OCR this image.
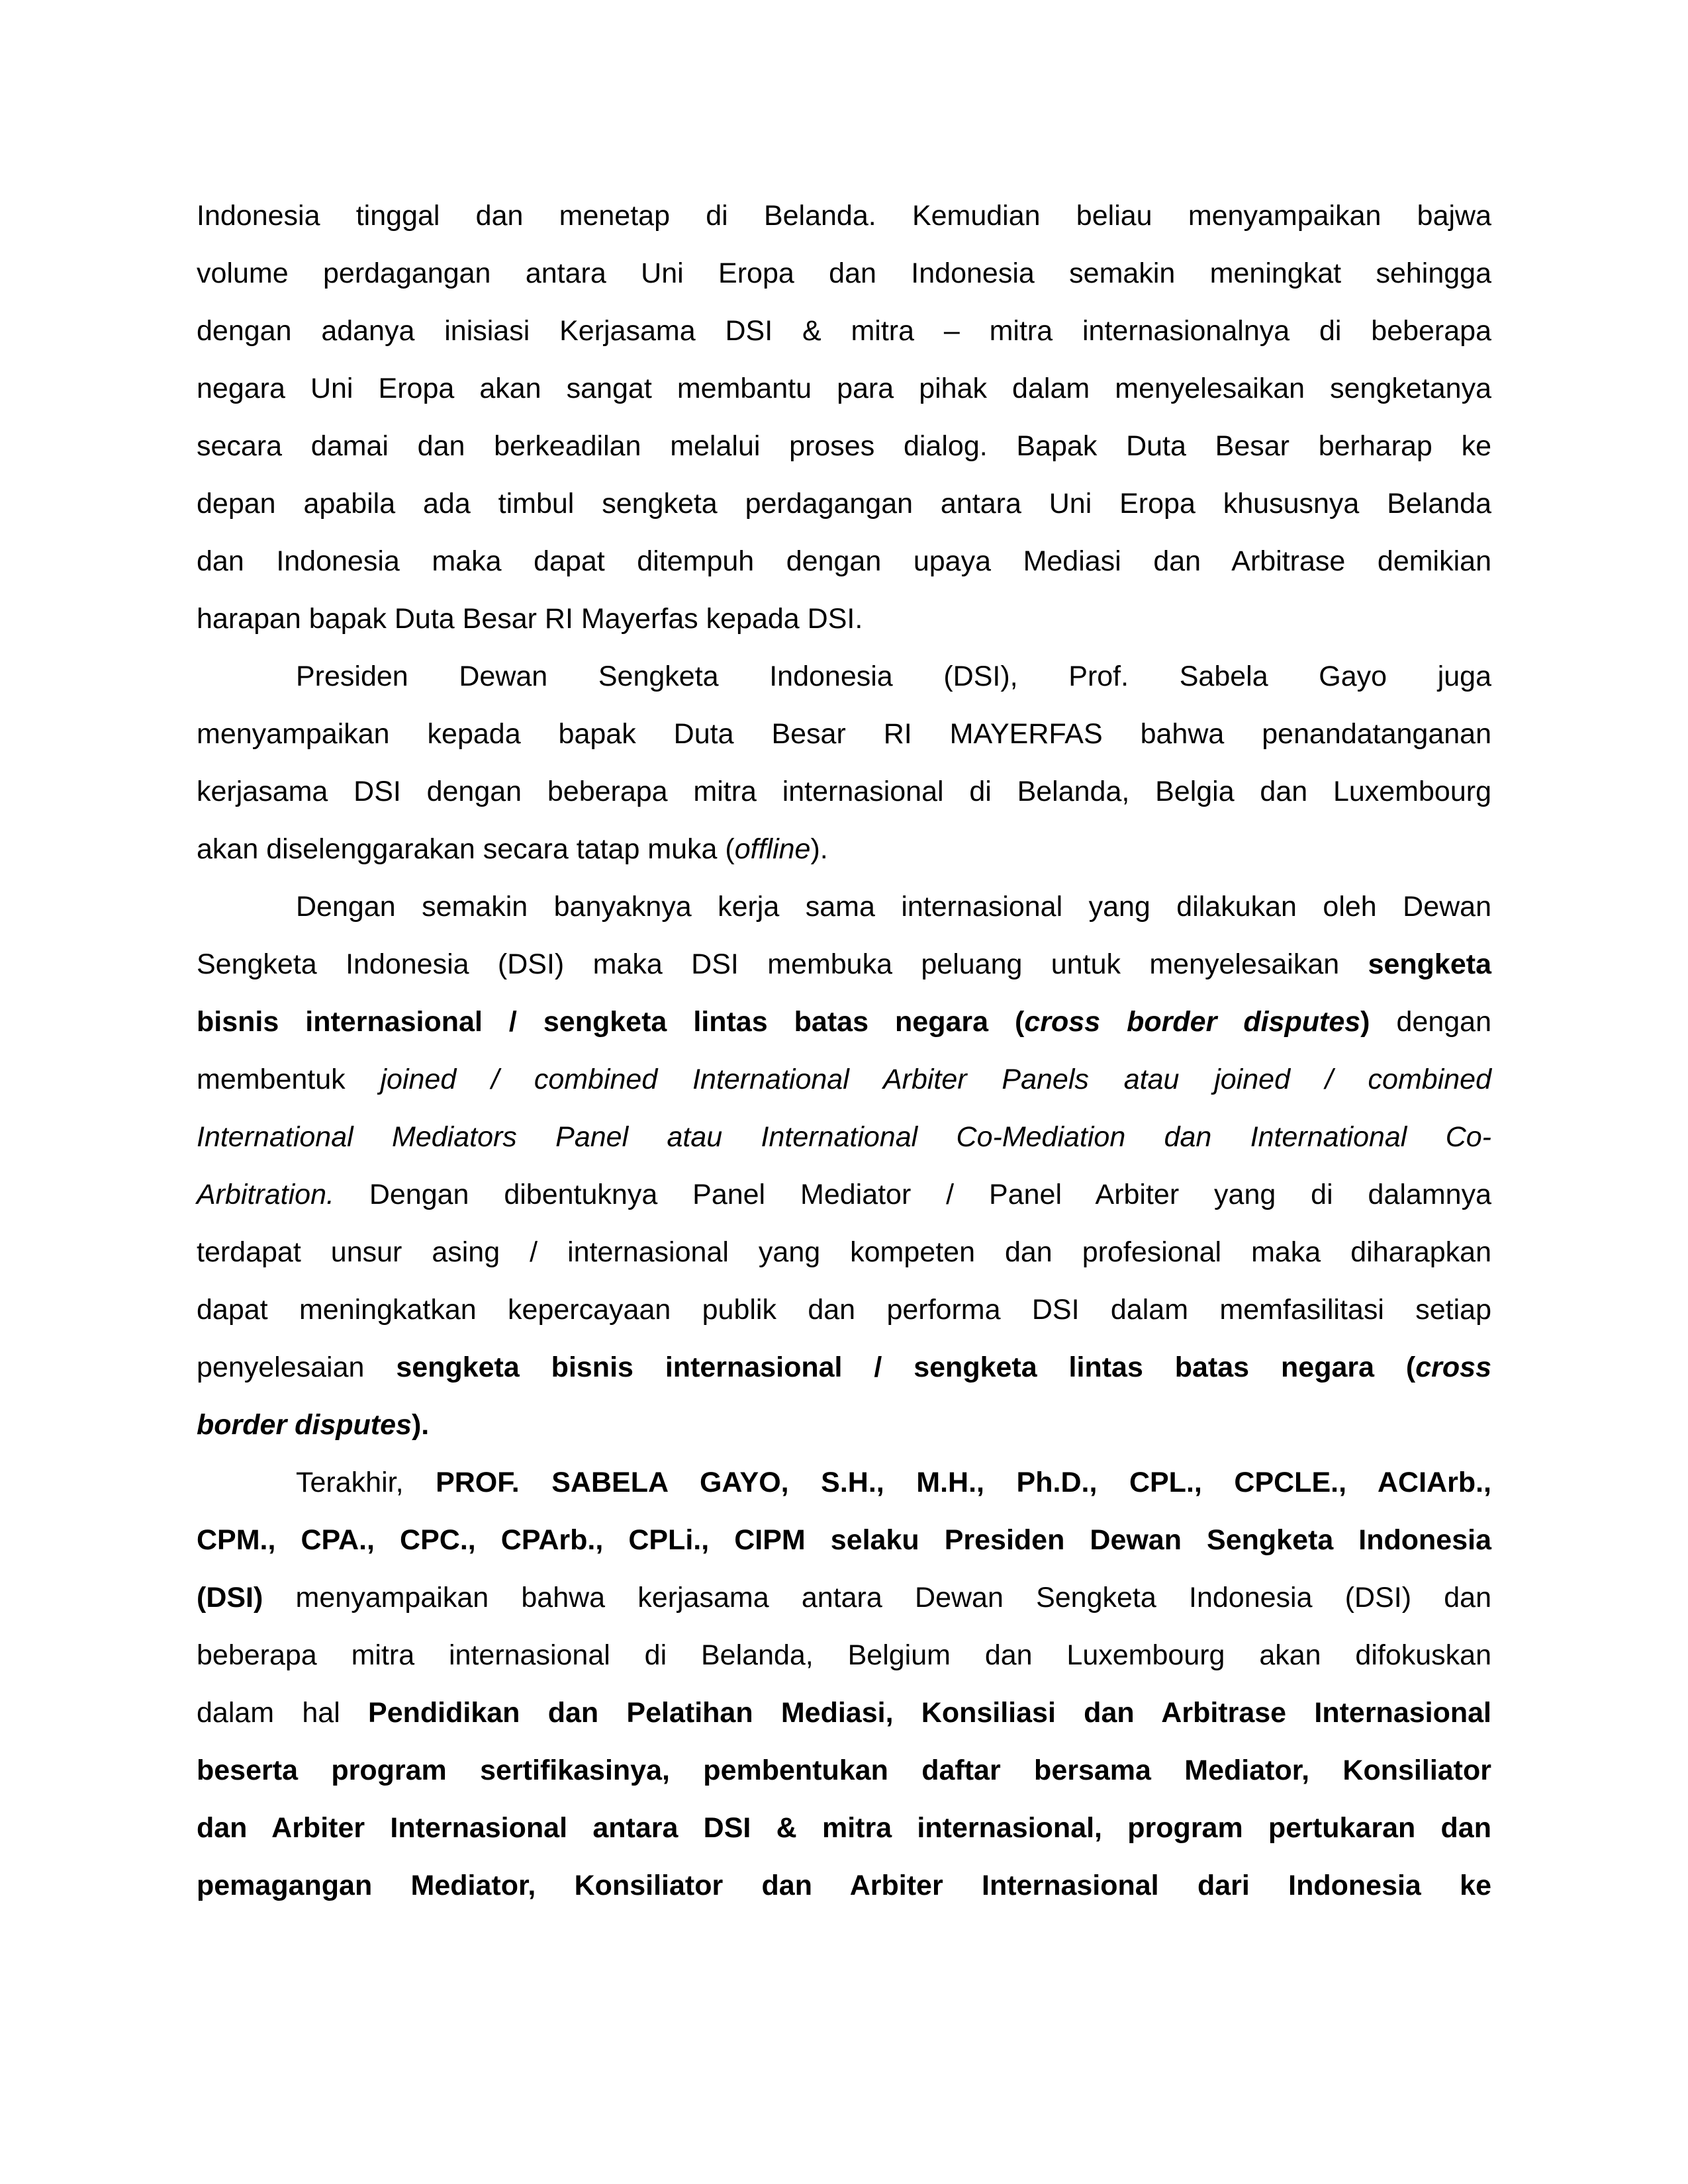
Indonesia tinggal dan menetap di Belanda. Kemudian beliau menyampaikan bajwa
volume perdagangan antara Uni Eropa dan Indonesia semakin meningkat sehingga
dengan adanya inisiasi Kerjasama DSI & mitra – mitra internasionalnya di beberapa
negara Uni Eropa akan sangat membantu para pihak dalam menyelesaikan sengketanya
secara damai dan berkeadilan melalui proses dialog. Bapak Duta Besar berharap ke
depan apabila ada timbul sengketa perdagangan antara Uni Eropa khususnya Belanda
dan Indonesia maka dapat ditempuh dengan upaya Mediasi dan Arbitrase demikian
harapan bapak Duta Besar RI Mayerfas kepada DSI.
Presiden Dewan Sengketa Indonesia (DSI), Prof. Sabela Gayo juga
menyampaikan kepada bapak Duta Besar RI MAYERFAS bahwa penandatanganan
kerjasama DSI dengan beberapa mitra internasional di Belanda, Belgia dan Luxembourg
akan diselenggarakan secara tatap muka (offline).
Dengan semakin banyaknya kerja sama internasional yang dilakukan oleh Dewan
Sengketa Indonesia (DSI) maka DSI membuka peluang untuk menyelesaikan sengketa
bisnis internasional / sengketa lintas batas negara (cross border disputes) dengan
membentuk joined / combined International Arbiter Panels atau joined / combined
International Mediators Panel atau International Co-Mediation dan International Co-
Arbitration. Dengan dibentuknya Panel Mediator / Panel Arbiter yang di dalamnya
terdapat unsur asing / internasional yang kompeten dan profesional maka diharapkan
dapat meningkatkan kepercayaan publik dan performa DSI dalam memfasilitasi setiap
penyelesaian sengketa bisnis internasional / sengketa lintas batas negara (cross
border disputes).
Terakhir, PROF. SABELA GAYO, S.H., M.H., Ph.D., CPL., CPCLE., ACIArb.,
CPM., CPA., CPC., CPArb., CPLi., CIPM selaku Presiden Dewan Sengketa Indonesia
(DSI) menyampaikan bahwa kerjasama antara Dewan Sengketa Indonesia (DSI) dan
beberapa mitra internasional di Belanda, Belgium dan Luxembourg akan difokuskan
dalam hal Pendidikan dan Pelatihan Mediasi, Konsiliasi dan Arbitrase Internasional
beserta program sertifikasinya, pembentukan daftar bersama Mediator, Konsiliator
dan Arbiter Internasional antara DSI & mitra internasional, program pertukaran dan
pemagangan Mediator, Konsiliator dan Arbiter Internasional dari Indonesia ke
